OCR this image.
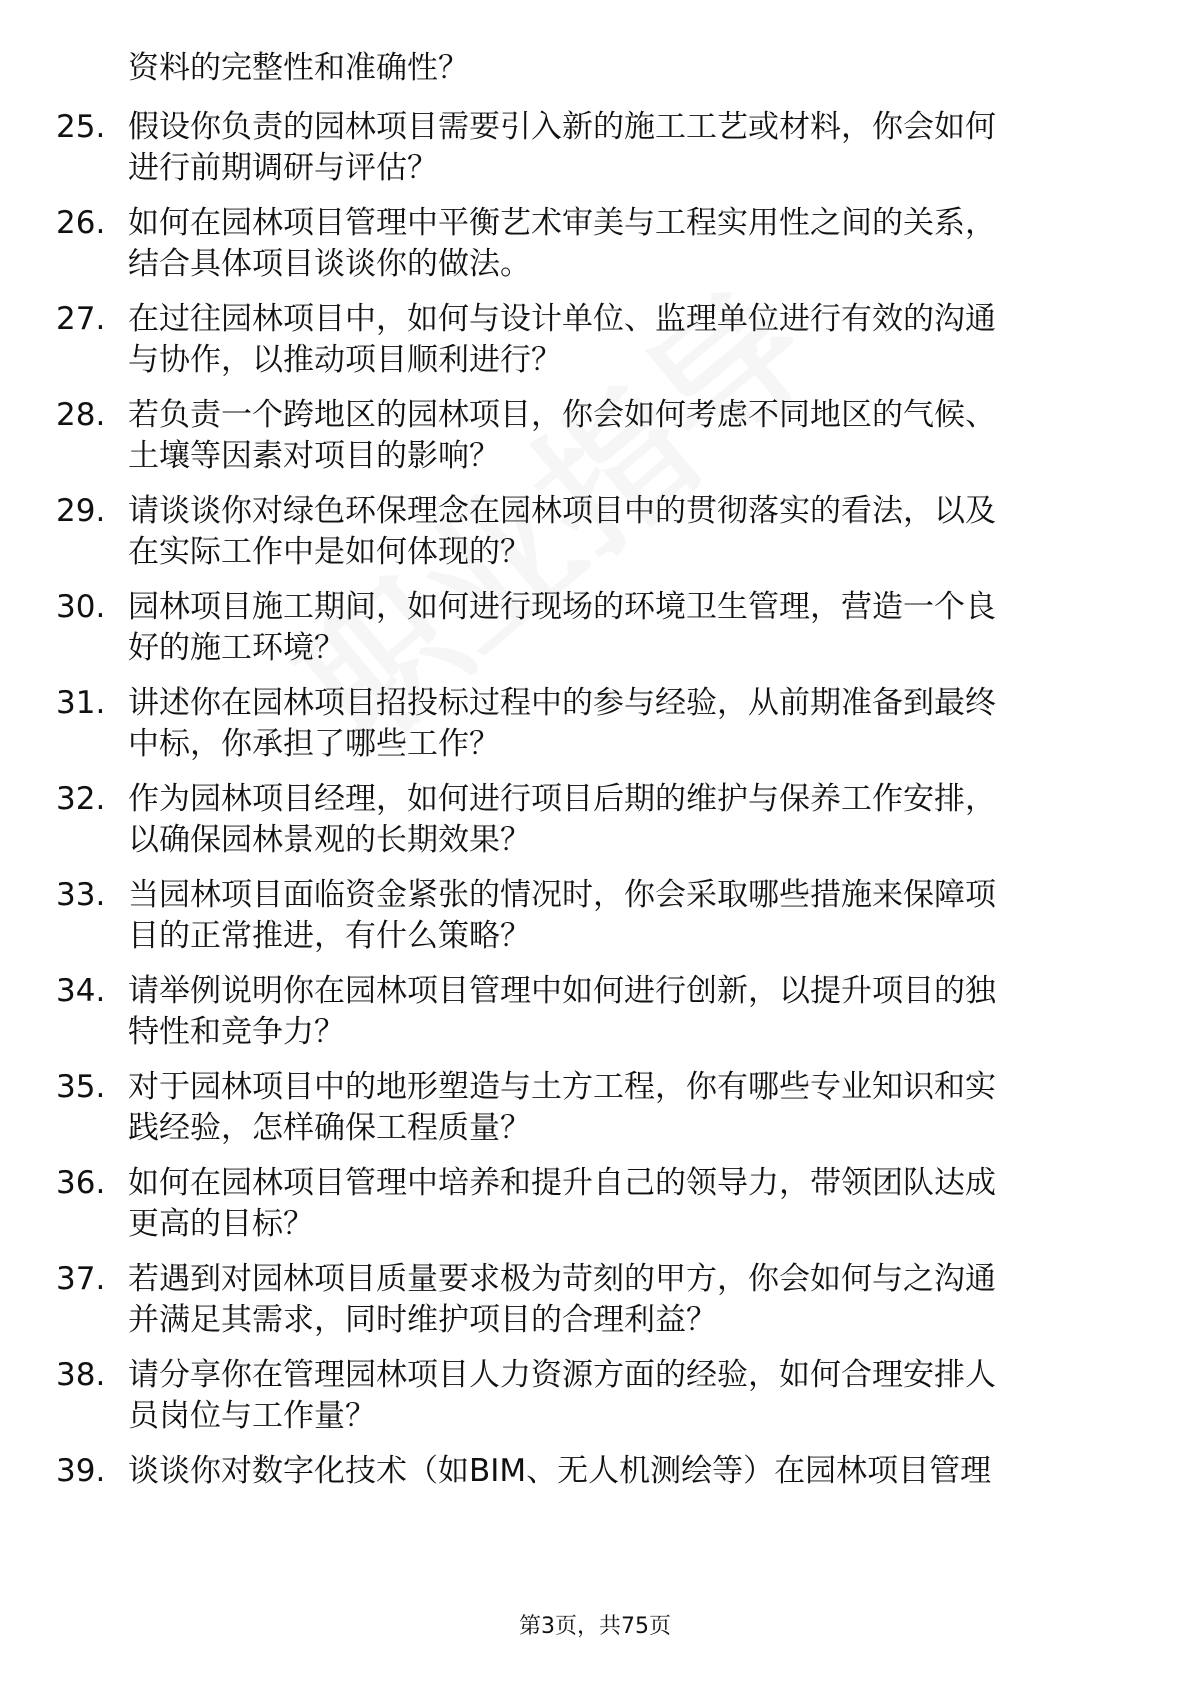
资料的完整性和准确性？
25. 假设你负责的园林项目需要引入新的施工工艺或材料，你会如何
进行前期调研与评估？
26. 如何在园林项目管理中平衡艺术审美与工程实用性之间的关系，
结合具体项目谈谈你的做法。
27. 在过往园林项目中，如何与设计单位、监理单位进行有效的沟通
与协作，以推动项目顺利进行？
28. 若负责一个跨地区的园林项目，你会如何考虑不同地区的气候、
土壤等因素对项目的影响？
29. 请谈谈你对绿色环保理念在园林项目中的贯彻落实的看法，以及
在实际工作中是如何体现的？
30. 园林项目施工期间，如何进行现场的环境卫生管理，营造一个良
好的施工环境？
31. 讲述你在园林项目招投标过程中的参与经验，从前期准备到最终
中标，你承担了哪些工作？
32. 作为园林项目经理，如何进行项目后期的维护与保养工作安排，
以确保园林景观的长期效果？
33. 当园林项目面临资金紧张的情况时，你会采取哪些措施来保障项
目的正常推进，有什么策略？
34. 请举例说明你在园林项目管理中如何进行创新，以提升项目的独
特性和竞争力？
35. 对于园林项目中的地形塑造与土方工程，你有哪些专业知识和实
践经验，怎样确保工程质量？
36. 如何在园林项目管理中培养和提升自己的领导力，带领团队达成
更高的目标？
37. 若遇到对园林项目质量要求极为苛刻的甲方，你会如何与之沟通
并满足其需求，同时维护项目的合理利益？
38. 请分享你在管理园林项目人力资源方面的经验，如何合理安排人
员岗位与工作量？
39. 谈谈你对数字化技术（如BIM、无人机测绘等）在园林项目管理
第3页，共75页
